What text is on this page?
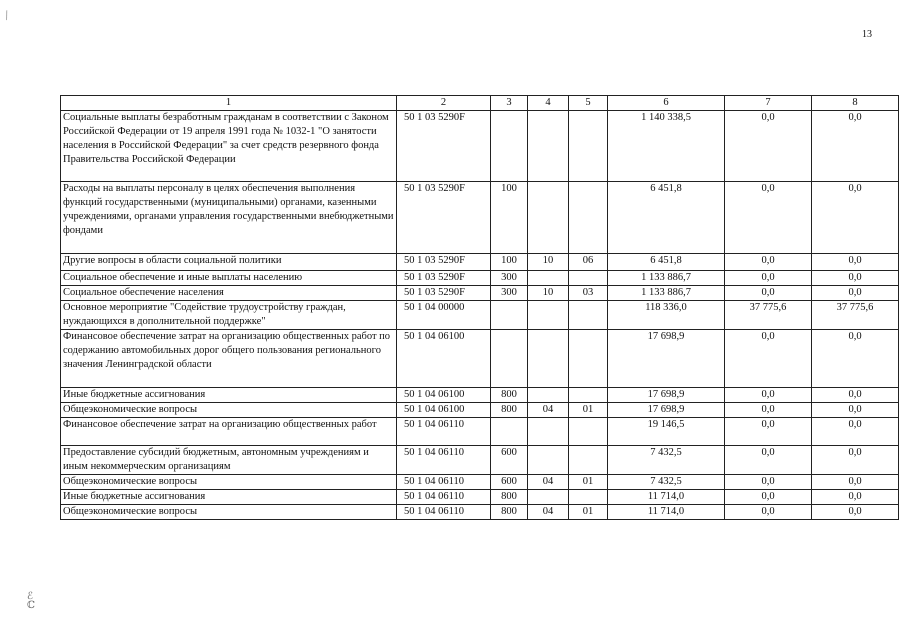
⁄
13
1	2	3	4	5	6	7	8
Социальные выплаты безработным гражданам в соответствии с Законом Российской Федерации от 19 апреля 1991 года № 1032-1 "О занятости населения в Российской Федерации" за счет средств резервного фонда Правительства Российской Федерации	50 1 03 5290F				1 140 338,5	0,0	0,0
Расходы на выплаты персоналу в целях обеспечения выполнения функций государственными (муниципальными) органами, казенными учреждениями, органами управления государственными внебюджетными фондами	50 1 03 5290F	100			6 451,8	0,0	0,0
Другие вопросы в области социальной политики	50 1 03 5290F	100	10	06	6 451,8	0,0	0,0
Социальное обеспечение и иные выплаты населению	50 1 03 5290F	300			1 133 886,7	0,0	0,0
Социальное обеспечение населения	50 1 03 5290F	300	10	03	1 133 886,7	0,0	0,0
Основное мероприятие "Содействие трудоустройству граждан, нуждающихся в дополнительной поддержке"	50 1 04 00000				118 336,0	37 775,6	37 775,6
Финансовое обеспечение затрат на организацию общественных работ по содержанию автомобильных дорог общего пользования регионального значения Ленинградской области	50 1 04 06100				17 698,9	0,0	0,0
Иные бюджетные ассигнования	50 1 04 06100	800			17 698,9	0,0	0,0
Общеэкономические вопросы	50 1 04 06100	800	04	01	17 698,9	0,0	0,0
Финансовое обеспечение затрат на организацию общественных работ	50 1 04 06110				19 146,5	0,0	0,0
Предоставление субсидий бюджетным, автономным учреждениям и иным некоммерческим организациям	50 1 04 06110	600			7 432,5	0,0	0,0
Общеэкономические вопросы	50 1 04 06110	600	04	01	7 432,5	0,0	0,0
Иные бюджетные ассигнования	50 1 04 06110	800			11 714,0	0,0	0,0
Общеэкономические вопросы	50 1 04 06110	800	04	01	11 714,0	0,0	0,0
ℰ
ℂ
